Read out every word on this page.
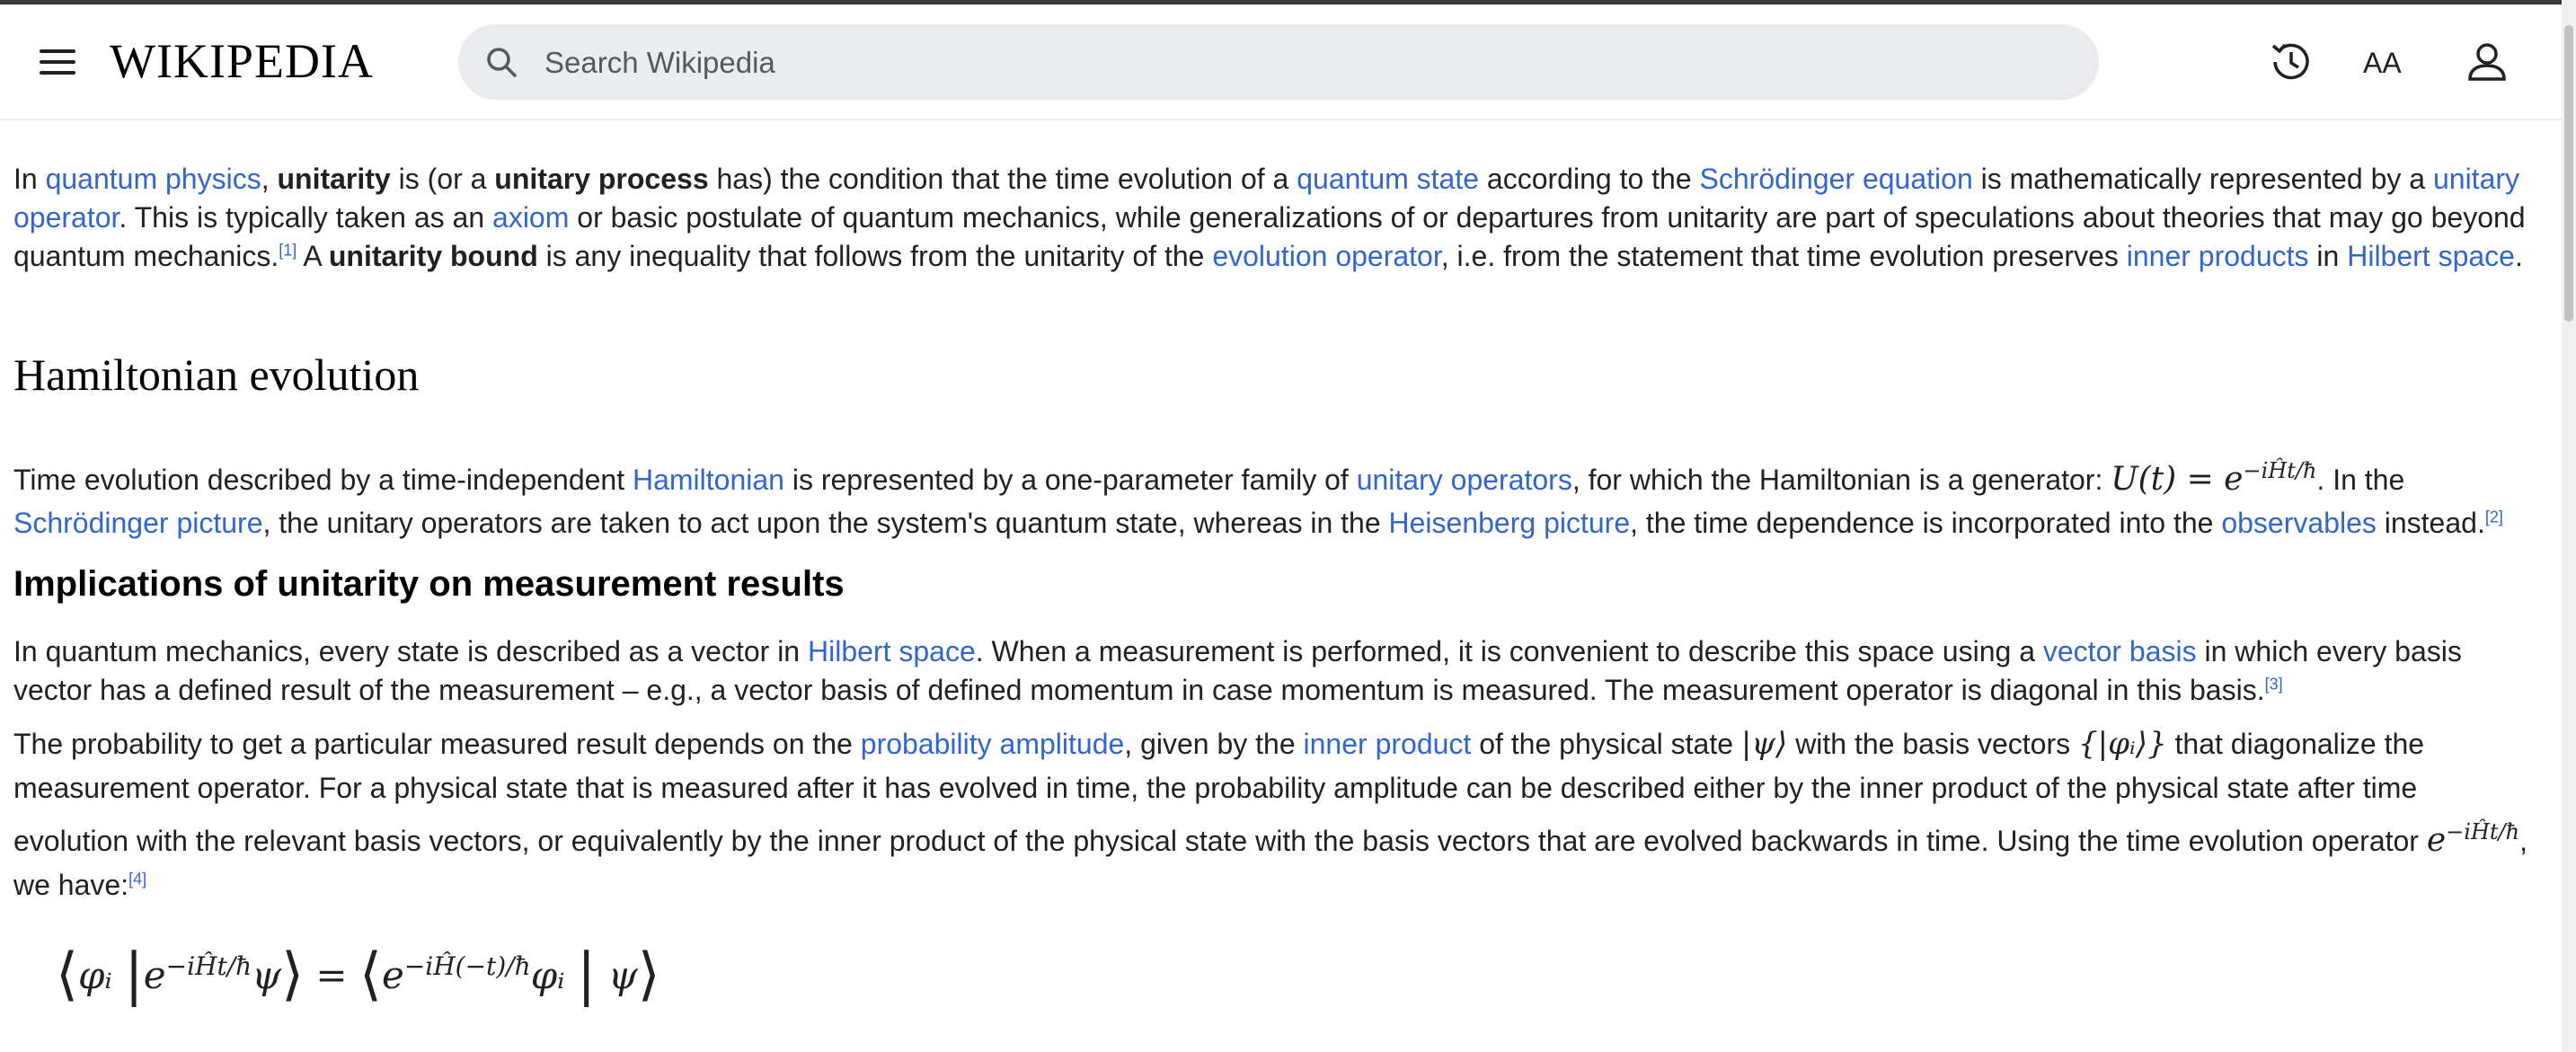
WIKIPEDIA
Search Wikipedia	AA

In quantum physics, unitarity is (or a unitary process has) the condition that the time evolution of a quantum state according to the Schrödinger equation is mathematically represented by a unitary operator. This is typically taken as an axiom or basic postulate of quantum mechanics, while generalizations of or departures from unitarity are part of speculations about theories that may go beyond quantum mechanics.[1] A unitarity bound is any inequality that follows from the unitarity of the evolution operator, i.e. from the statement that time evolution preserves inner products in Hilbert space.

Hamiltonian evolution

Time evolution described by a time-independent Hamiltonian is represented by a one-parameter family of unitary operators, for which the Hamiltonian is a generator: $U(t) = e^{-iĤt/ħ}$. In the Schrödinger picture, the unitary operators are taken to act upon the system's quantum state, whereas in the Heisenberg picture, the time dependence is incorporated into the observables instead.[2]

Implications of unitarity on measurement results

In quantum mechanics, every state is described as a vector in Hilbert space. When a measurement is performed, it is convenient to describe this space using a vector basis in which every basis vector has a defined result of the measurement – e.g., a vector basis of defined momentum in case momentum is measured. The measurement operator is diagonal in this basis.[3]

The probability to get a particular measured result depends on the probability amplitude, given by the inner product of the physical state |ψ⟩ with the basis vectors {|φᵢ⟩} that diagonalize the measurement operator. For a physical state that is measured after it has evolved in time, the probability amplitude can be described either by the inner product of the physical state after time evolution with the relevant basis vectors, or equivalently by the inner product of the physical state with the basis vectors that are evolved backwards in time. Using the time evolution operator $e^{-iĤt/ħ}$, we have:[4]

⟨φᵢ $|e^{-iĤt/ħ}\psi⟩$ = $⟨e^{-iĤ(-t)/ħ}\varphi ᵢ$ | ψ⟩
